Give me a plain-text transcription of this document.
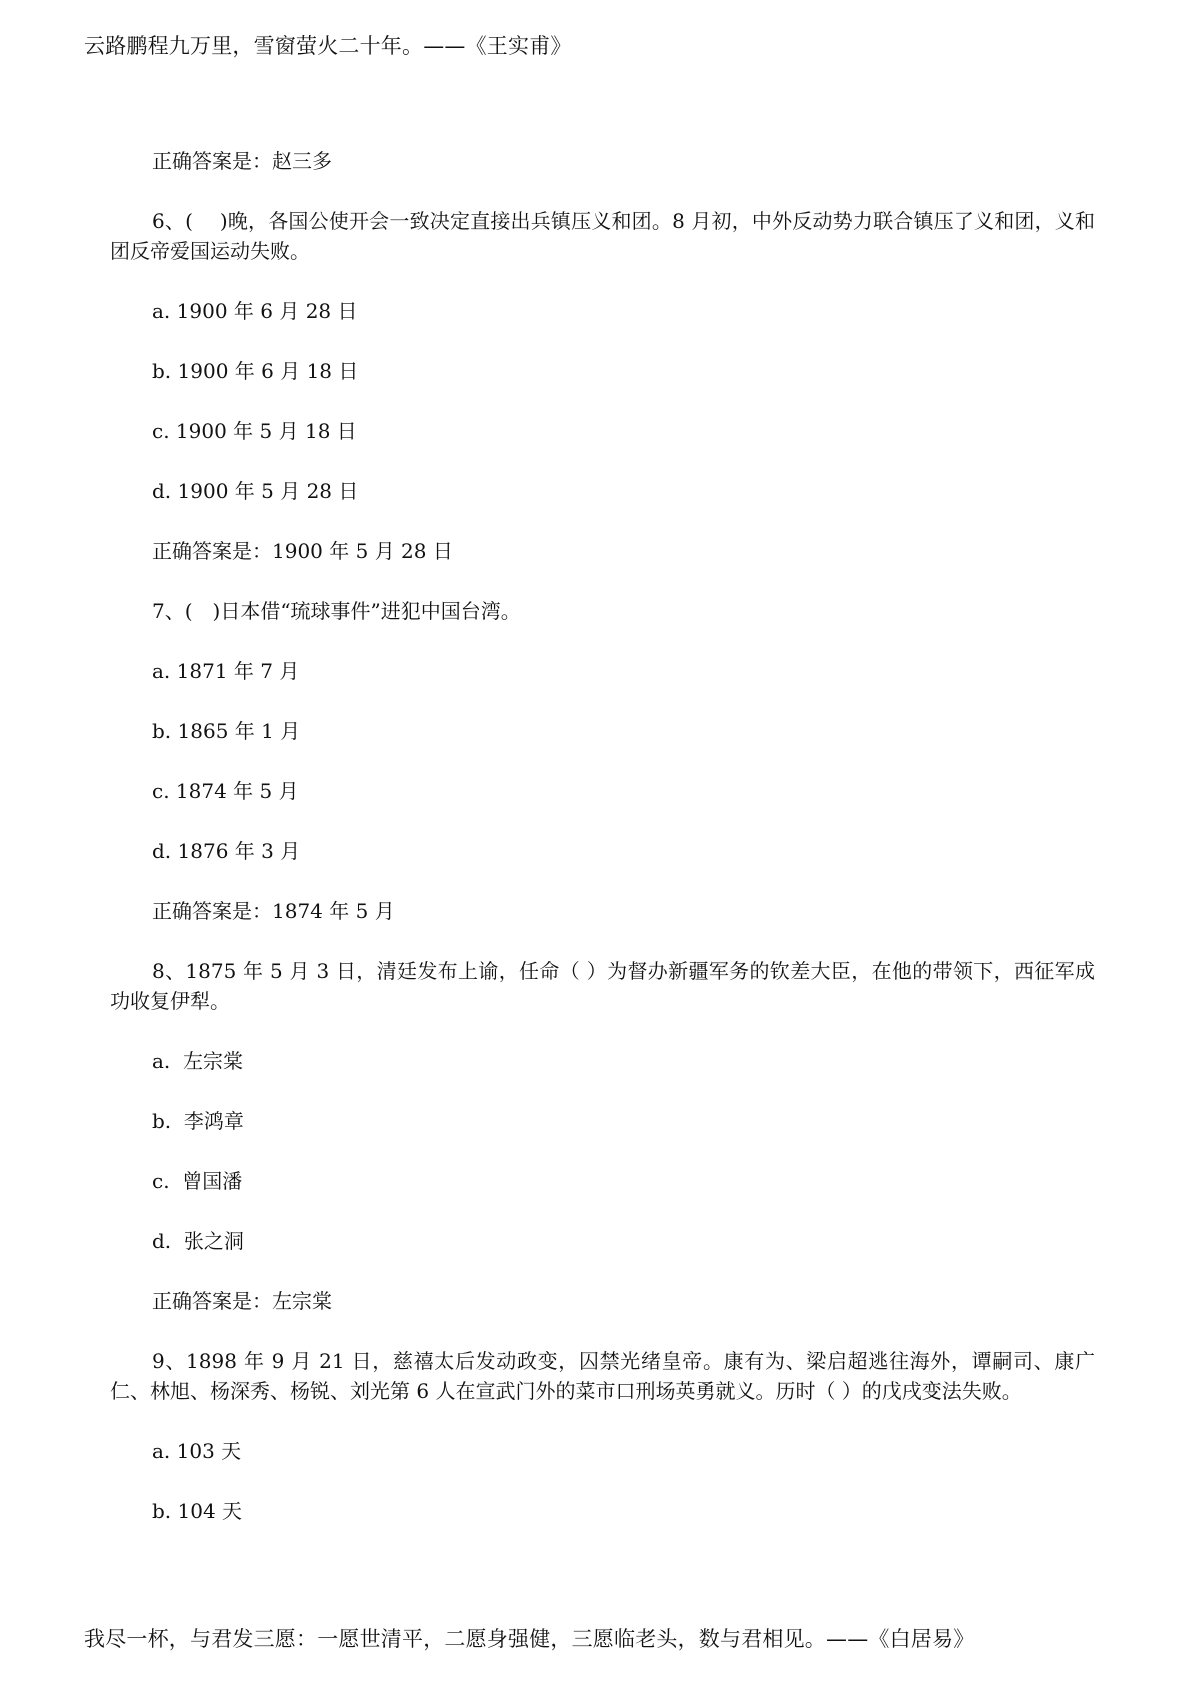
云路鹏程九万里，雪窗萤火二十年。——《王实甫》
正确答案是：赵三多
6、(　 )晚，各国公使开会一致决定直接出兵镇压义和团。8 月初，中外反动势力联合镇压了义和团，义和团反帝爱国运动失败。
a. 1900 年 6 月 28 日
b. 1900 年 6 月 18 日
c. 1900 年 5 月 18 日
d. 1900 年 5 月 28 日
正确答案是：1900 年 5 月 28 日
7、(　)日本借“琉球事件”进犯中国台湾。
a. 1871 年 7 月
b. 1865 年 1 月
c. 1874 年 5 月
d. 1876 年 3 月
正确答案是：1874 年 5 月
8、1875 年 5 月 3 日，清廷发布上谕，任命（ ）为督办新疆军务的钦差大臣，在他的带领下，西征军成功收复伊犁。
a.  左宗棠
b.  李鸿章
c.  曾国潘
d.  张之洞
正确答案是：左宗棠
9、1898 年 9 月 21 日，慈禧太后发动政变，囚禁光绪皇帝。康有为、梁启超逃往海外，谭嗣司、康广仁、林旭、杨深秀、杨锐、刘光第 6 人在宣武门外的菜市口刑场英勇就义。历时（ ）的戊戌变法失败。
a. 103 天
b. 104 天
我尽一杯，与君发三愿：一愿世清平，二愿身强健，三愿临老头，数与君相见。——《白居易》
